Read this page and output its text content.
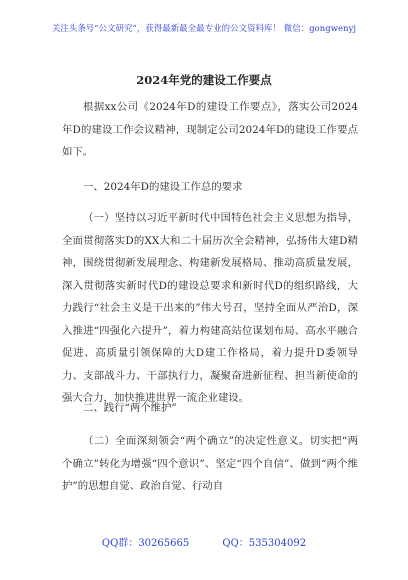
关注头条号“公文研究”，获得最新最全最专业的公文资料库！ 微信：gongwenyj
2024年党的建设工作要点

根据xx公司《2024年D的建设工作要点》，落实公司2024年D的建设工作会议精神，现制定公司2024年D的建设工作要点如下。

一、2024年D的建设工作总的要求

（一）坚持以习近平新时代中国特色社会主义思想为指导，全面贯彻落实D的XX大和二十届历次全会精神，弘扬伟大建D精神，围绕贯彻新发展理念、构建新发展格局、推动高质量发展，深入贯彻落实新时代D的建设总要求和新时代D的组织路线，大力践行“社会主义是干出来的”伟大号召，坚持全面从严治D，深入推进“四强化六提升”，着力构建高站位谋划布局、高水平融合促进、高质量引领保障的大D建工作格局，着力提升D委领导力、支部战斗力、干部执行力，凝聚奋进新征程、担当新使命的强大合力，加快推进世界一流企业建设。

二、践行“两个维护”

（二）全面深刻领会“两个确立”的决定性意义。切实把“两个确立”转化为增强“四个意识”、坚定“四个自信”、做到“两个维护”的思想自觉、政治自觉、行动自

QQ群：30265665	QQ：535304092
